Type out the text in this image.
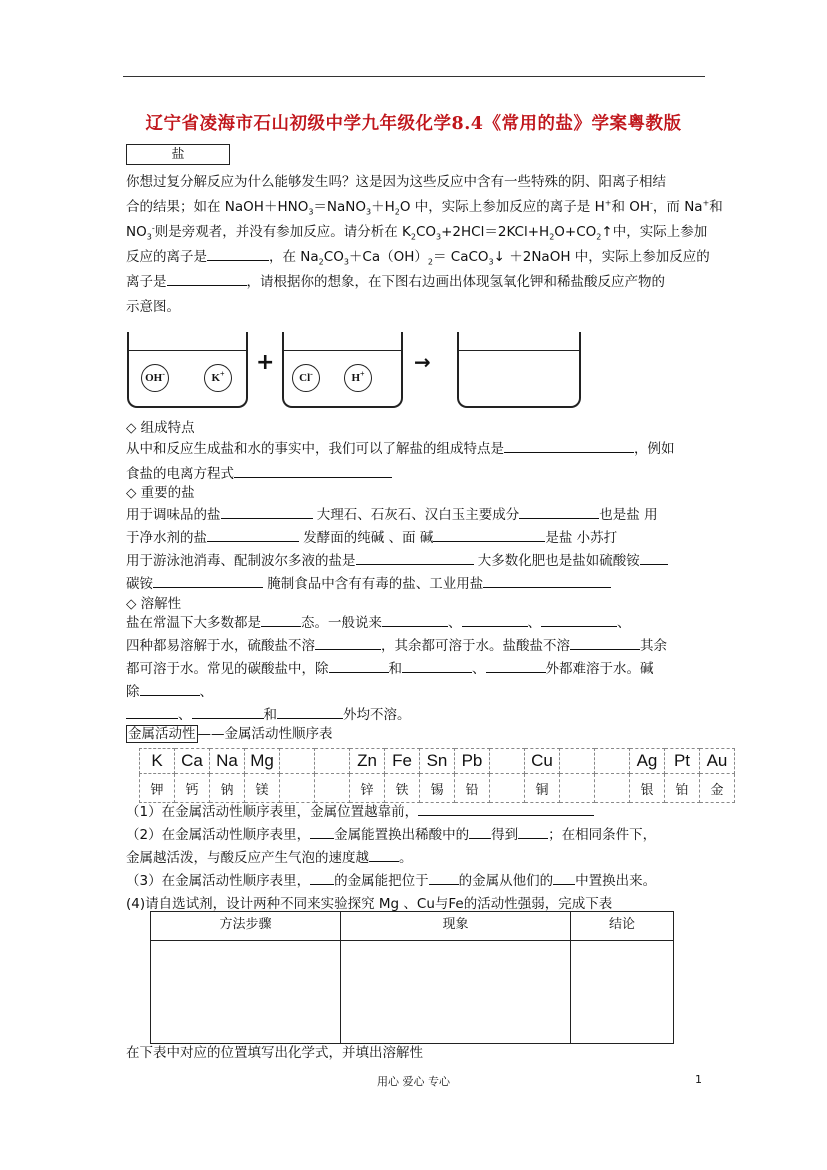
辽宁省凌海市石山初级中学九年级化学8.4《常用的盐》学案粤教版
盐
你想过复分解反应为什么能够发生吗？这是因为这些反应中含有一些特殊的阴、阳离子相结
合的结果；如在 $NaOH+HNO_3=NaNO_3+H_2O$ 中，实际上参加反应的离子是 H+和 OH-，而 Na+和
$NO_3^-$则是旁观者，并没有参加反应。请分析在 $K_2CO_3+2HCl=2KCl+H_2O+CO_2↑$中，实际上参加
反应的离子是	，在 $Na_2CO_3+Ca(OH)_2=$ CaCO$_3$↓ ＋2NaOH 中，实际上参加反应的
离子是	，请根据你的想象，在下图右边画出体现氢氧化钾和稀盐酸反应产物的
示意图。
OH-	K+	+
Cl-	H+	→
◇ 组成特点
从中和反应生成盐和水的事实中，我们可以了解盐的组成特点是	，例如
食盐的电离方程式
◇ 重要的盐
用于调味品的盐	大理石、石灰石、汉白玉主要成分	也是盐 用
于净水剂的盐	发酵面的纯碱 、面 碱	是盐 小苏打
用于游泳池消毒、配制波尔多液的盐是	大多数化肥也是盐如硫酸铵
碳铵	腌制食品中含有有毒的盐、工业用盐
◇ 溶解性
盐在常温下大多数都是	态。一般说来	、	、	、
四种都易溶解于水，硫酸盐不溶	，其余都可溶于水。盐酸盐不溶	其余
都可溶于水。常见的碳酸盐中，除	和	、	外都难溶于水。碱
除	、
、	和	外均不溶。
金属活动性 ——金属活动性顺序表
K	Ca	Na	Mg			Zn	Fe	Sn	Pb		Cu			Ag	Pt	Au
钾	钙	钠	镁			锌	铁	锡	铅		铜			银	铂	金
（1）在金属活动性顺序表里，金属位置越靠前，
（2）在金属活动性顺序表里， 金属能置换出稀酸中的 得到 ；在相同条件下，
金属越活泼，与酸反应产生气泡的速度越 。
（3）在金属活动性顺序表里， 的金属能把位于 的金属从他们的 中置换出来。
(4)请自选试剂，设计两种不同来实验探究 Mg 、Cu与Fe的活动性强弱，完成下表
方法步骤	现象	结论

在下表中对应的位置填写出化学式，并填出溶解性
用心 爱心 专心	1
